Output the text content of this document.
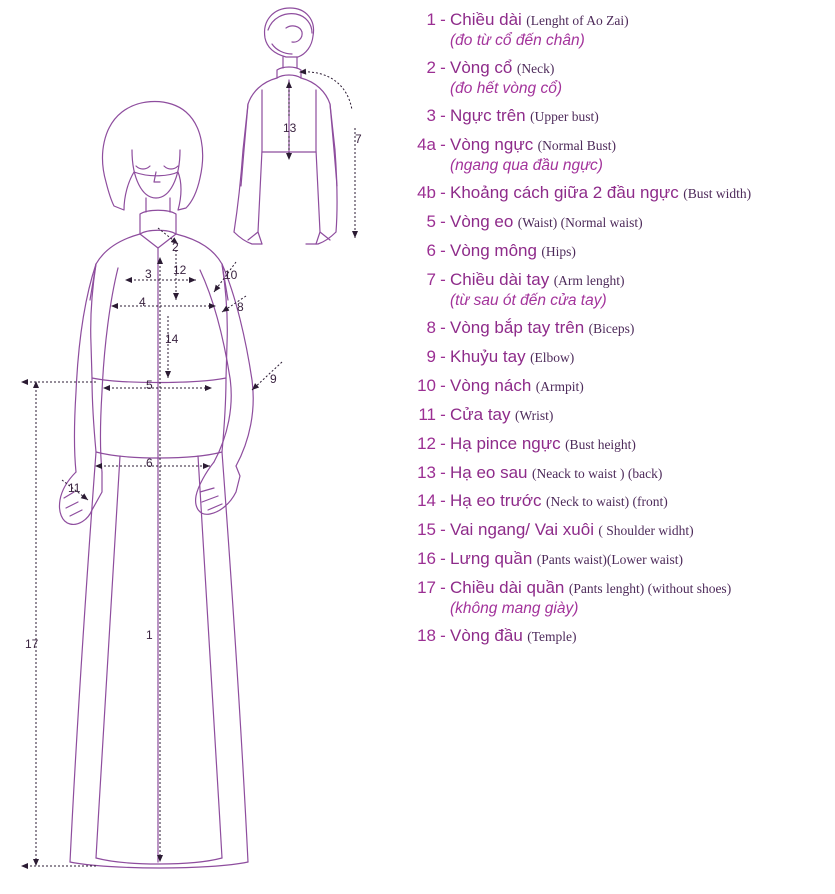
1
2
3
4
5
6
7
8
9
10
11
12
13
14
17
1 - Chiều dài (Lenght of Ao Zai)
(đo từ cổ đến chân)
2 - Vòng cổ (Neck)
(đo hết vòng cổ)
3 - Ngực trên (Upper bust)
4a - Vòng ngực (Normal Bust)
(ngang qua đầu ngực)
4b - Khoảng cách giữa 2 đầu ngực (Bust width)
5 - Vòng eo (Waist) (Normal waist)
6 - Vòng mông (Hips)
7 - Chiều dài tay (Arm lenght)
(từ sau ót đến cửa tay)
8 - Vòng bắp tay trên (Biceps)
9 - Khuỷu tay (Elbow)
10 - Vòng nách (Armpit)
11 - Cửa tay (Wrist)
12 - Hạ pince ngực (Bust height)
13 - Hạ eo sau (Neack to waist ) (back)
14 - Hạ eo trước (Neck to waist) (front)
15 - Vai ngang/ Vai xuôi ( Shoulder widht)
16 - Lưng quần (Pants waist)(Lower waist)
17 - Chiều dài quần (Pants lenght) (without shoes)
(không mang giày)
18 - Vòng đầu (Temple)
